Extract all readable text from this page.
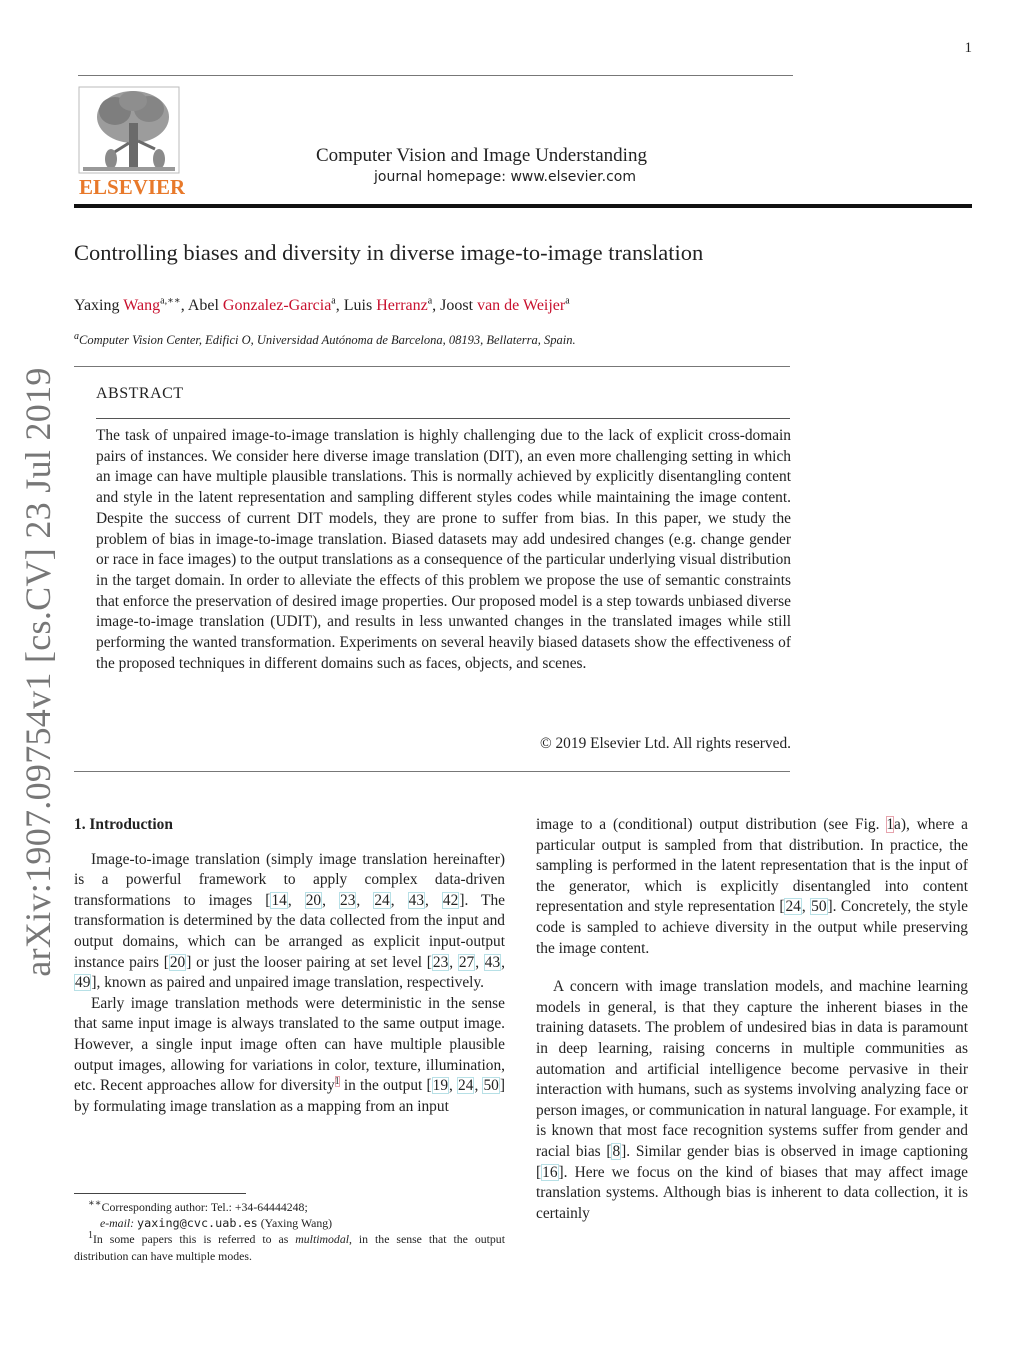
1
ELSEVIER
Computer Vision and Image Understanding
journal homepage: www.elsevier.com
Controlling biases and diversity in diverse image-to-image translation
Yaxing Wang$^{a,∗∗}$, Abel Gonzalez-Garcia$^a$, Luis Herranz$^a$, Joost van de Weijer$^a$
$^a$Computer Vision Center, Edifici O, Universidad Autónoma de Barcelona, 08193, Bellaterra, Spain.
ABSTRACT
The task of unpaired image-to-image translation is highly challenging due to the lack of explicit cross-domain pairs of instances. We consider here diverse image translation (DIT), an even more challenging setting in which an image can have multiple plausible translations. This is normally achieved by explicitly disentangling content and style in the latent representation and sampling different styles codes while maintaining the image content. Despite the success of current DIT models, they are prone to suffer from bias. In this paper, we study the problem of bias in image-to-image translation. Biased datasets may add undesired changes (e.g. change gender or race in face images) to the output translations as a consequence of the particular underlying visual distribution in the target domain. In order to alleviate the effects of this problem we propose the use of semantic constraints that enforce the preservation of desired image properties. Our proposed model is a step towards unbiased diverse image-to-image translation (UDIT), and results in less unwanted changes in the translated images while still performing the wanted transformation. Experiments on several heavily biased datasets show the effectiveness of the proposed techniques in different domains such as faces, objects, and scenes.
© 2019 Elsevier Ltd. All rights reserved.
arXiv:1907.09754v1 [cs.CV] 23 Jul 2019 1. Introduction

Image-to-image translation (simply image translation hereinafter) is a powerful framework to apply complex data-driven transformations to images [14, 20, 23, 24, 43, 42]. The transformation is determined by the data collected from the input and output domains, which can be arranged as explicit input-output instance pairs [20] or just the looser pairing at set level [23, 27, 43, 49], known as paired and unpaired image translation, respectively.

Early image translation methods were deterministic in the sense that same input image is always translated to the same output image. However, a single input image often can have multiple plausible output images, allowing for variations in color, texture, illumination, etc. Recent approaches allow for diversity$^1$ in the output [19, 24, 50] by formulating image translation as a mapping from an input

image to a (conditional) output distribution (see Fig. 1a), where a particular output is sampled from that distribution. In practice, the sampling is performed in the latent representation that is the input of the generator, which is explicitly disentangled into content representation and style representation [24, 50]. Concretely, the style code is sampled to achieve diversity in the output while preserving the image content.

A concern with image translation models, and machine learning models in general, is that they capture the inherent biases in the training datasets. The problem of undesired bias in data is paramount in deep learning, raising concerns in multiple communities as automation and artificial intelligence become pervasive in their interaction with humans, such as systems involving analyzing face or person images, or communication in natural language. For example, it is known that most face recognition systems suffer from gender and racial bias [8]. Similar gender bias is observed in image captioning [16]. Here we focus on the kind of biases that may affect image translation systems. Although bias is inherent to data collection, it is certainly

∗∗Corresponding author: Tel.: +34-64444248;

e-mail: yaxing@cvc.uab.es (Yaxing Wang)

$^1$In some papers this is referred to as multimodal, in the sense that the output distribution can have multiple modes.
